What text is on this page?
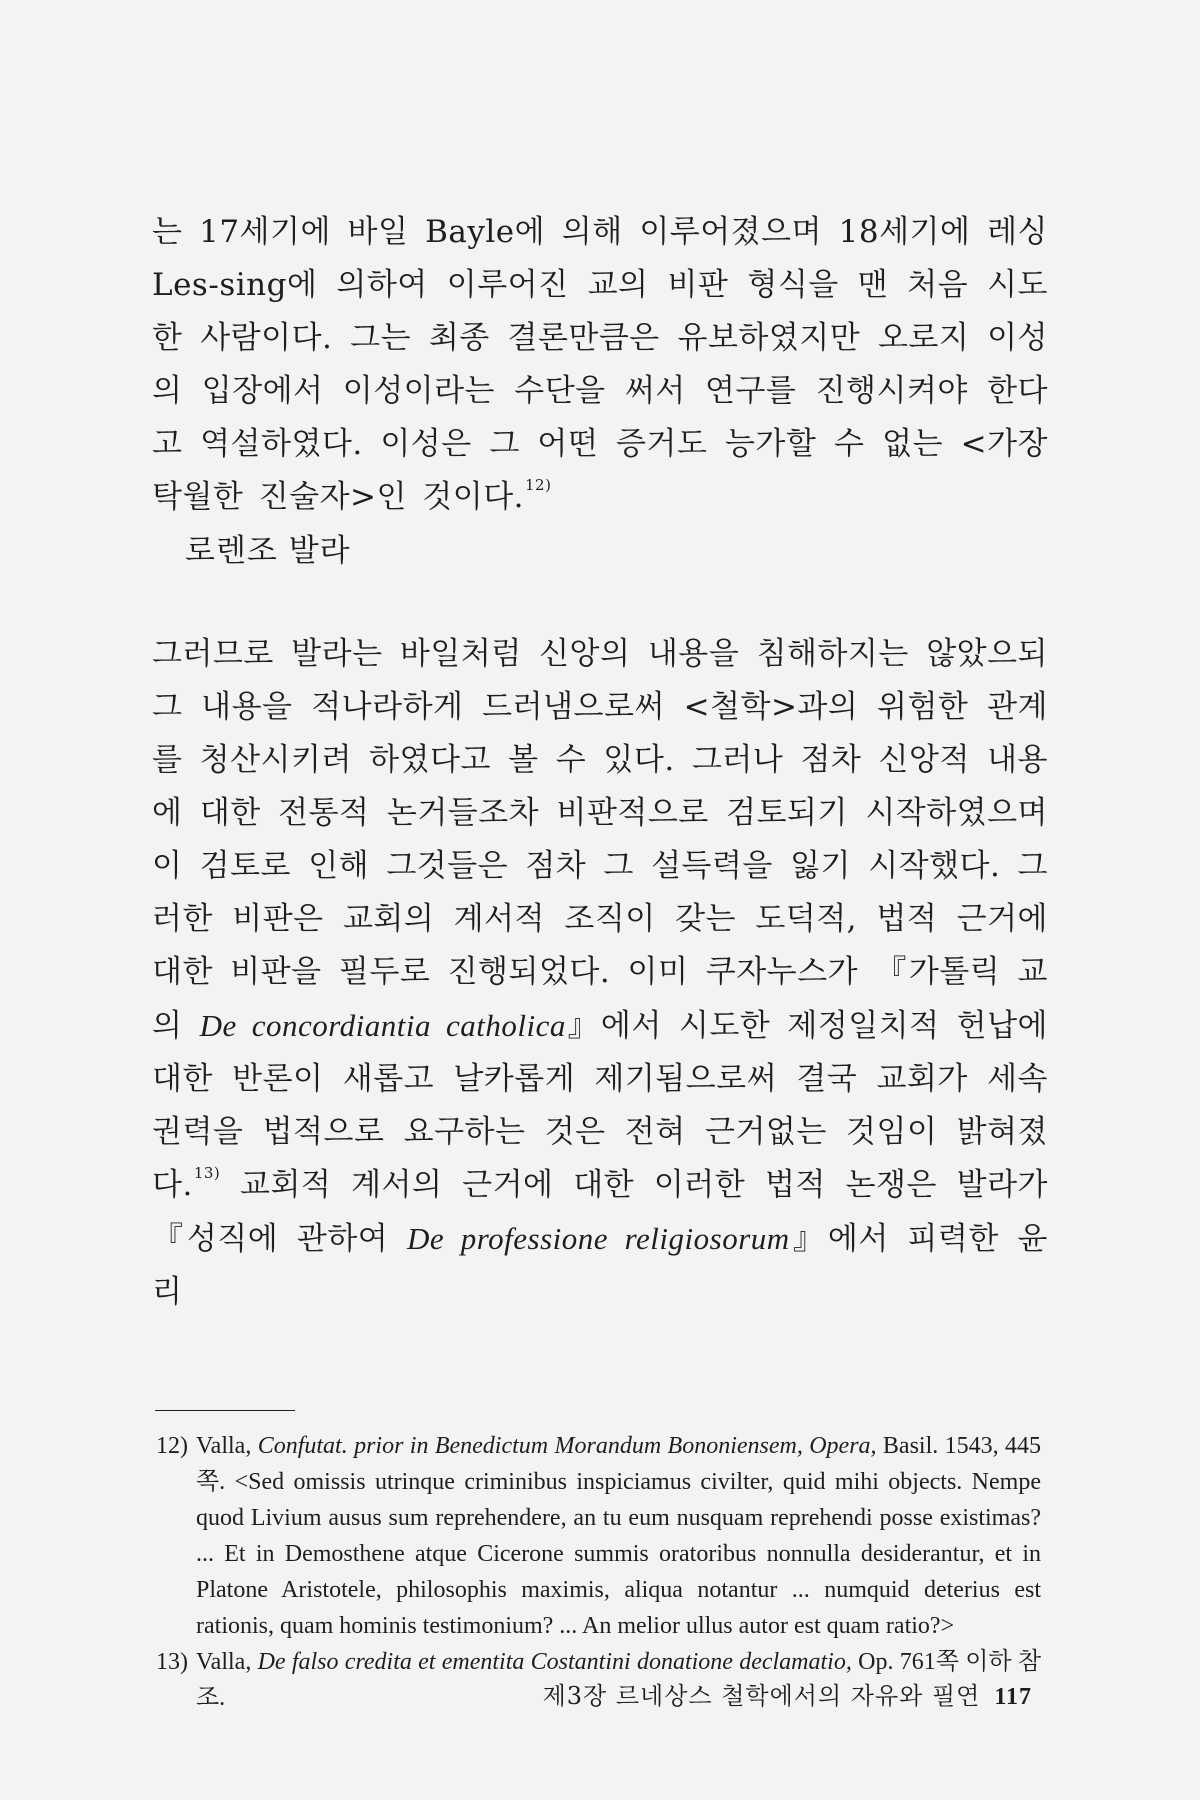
는 17세기에 바일 Bayle에 의해 이루어졌으며 18세기에 레싱 Les-sing에 의하여 이루어진 교의 비판 형식을 맨 처음 시도한 사람이다. 그는 최종 결론만큼은 유보하였지만 오로지 이성의 입장에서 이성이라는 수단을 써서 연구를 진행시켜야 한다고 역설하였다. 이성은 그 어떤 증거도 능가할 수 없는 <가장 탁월한 진술자>인 것이다.$^{12)}$

로렌조 발라

그러므로 발라는 바일처럼 신앙의 내용을 침해하지는 않았으되 그 내용을 적나라하게 드러냄으로써 <철학>과의 위험한 관계를 청산시키려 하였다고 볼 수 있다. 그러나 점차 신앙적 내용에 대한 전통적 논거들조차 비판적으로 검토되기 시작하였으며 이 검토로 인해 그것들은 점차 그 설득력을 잃기 시작했다. 그러한 비판은 교회의 계서적 조직이 갖는 도덕적, 법적 근거에 대한 비판을 필두로 진행되었다. 이미 쿠자누스가 『가톨릭 교의 De concordiantia catholica』에서 시도한 제정일치적 헌납에 대한 반론이 새롭고 날카롭게 제기됨으로써 결국 교회가 세속 권력을 법적으로 요구하는 것은 전혀 근거없는 것임이 밝혀졌다.$^{13)}$ 교회적 계서의 근거에 대한 이러한 법적 논쟁은 발라가 『성직에 관하여 De professione religiosorum』에서 피력한 윤리

12) Valla, Confutat. prior in Benedictum Morandum Bononiensem, Opera, Basil. 1543, 445쪽. <Sed omissis utrinque criminibus inspiciamus civilter, quid mihi objects. Nempe quod Livium ausus sum reprehendere, an tu eum nusquam reprehendi posse existimas? ... Et in Demosthene atque Cicerone summis oratoribus nonnulla desiderantur, et in Platone Aristotele, philosophis maximis, aliqua notantur ... numquid deterius est rationis, quam hominis testimonium? ... An melior ullus autor est quam ratio?>
13) Valla, De falso credita et ementita Costantini donatione declamatio, Op. 761쪽 이하 참조.	제3장 르네상스 철학에서의 자유와 필연 117
